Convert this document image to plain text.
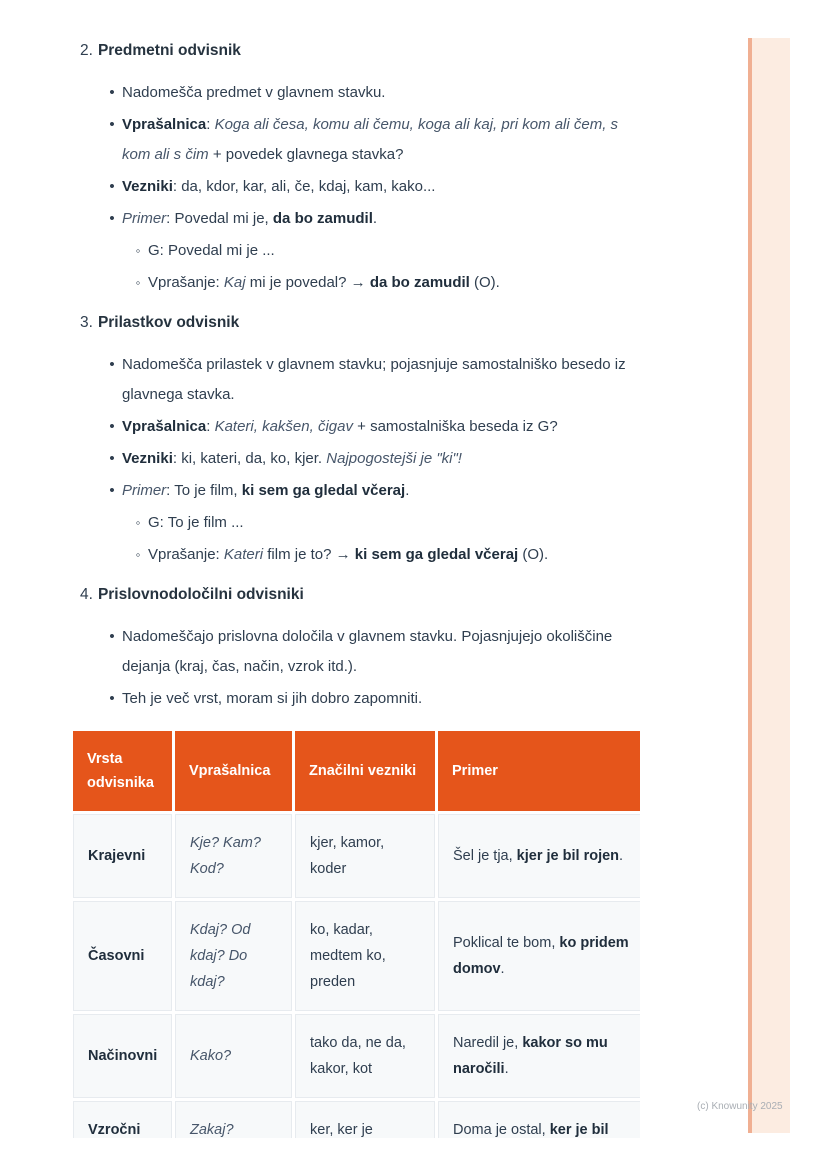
2. Predmetni odvisnik
• Nadomešča predmet v glavnem stavku.
• Vprašalnica: Koga ali česa, komu ali čemu, koga ali kaj, pri kom ali čem, s kom ali s čim + povedek glavnega stavka?
• Vezniki: da, kdor, kar, ali, če, kdaj, kam, kako...
• Primer: Povedal mi je, da bo zamudil.
◦ G: Povedal mi je ...
◦ Vprašanje: Kaj mi je povedal? → da bo zamudil (O).
3. Prilastkov odvisnik
• Nadomešča prilastek v glavnem stavku; pojasnjuje samostalniško besedo iz glavnega stavka.
• Vprašalnica: Kateri, kakšen, čigav + samostalniška beseda iz G?
• Vezniki: ki, kateri, da, ko, kjer. Najpogostejši je "ki"!
• Primer: To je film, ki sem ga gledal včeraj.
◦ G: To je film ...
◦ Vprašanje: Kateri film je to? → ki sem ga gledal včeraj (O).
4. Prislovnodoločilni odvisniki
• Nadomeščajo prislovna določila v glavnem stavku. Pojasnjujejo okoliščine dejanja (kraj, čas, način, vzrok itd.).
• Teh je več vrst, moram si jih dobro zapomniti.
Vrsta odvisnika	Vprašalnica	Značilni vezniki	Primer
Krajevni	Kje? Kam? Kod?	kjer, kamor, koder	Šel je tja, kjer je bil rojen.
Časovni	Kdaj? Od kdaj? Do kdaj?	ko, kadar, medtem ko, preden	Poklical te bom, ko pridem domov.
Načinovni	Kako?	tako da, ne da, kakor, kot	Naredil je, kakor so mu naročili.
Vzročni	Zakaj?	ker, ker je	Doma je ostal, ker je bil
(c) Knowunity 2025
